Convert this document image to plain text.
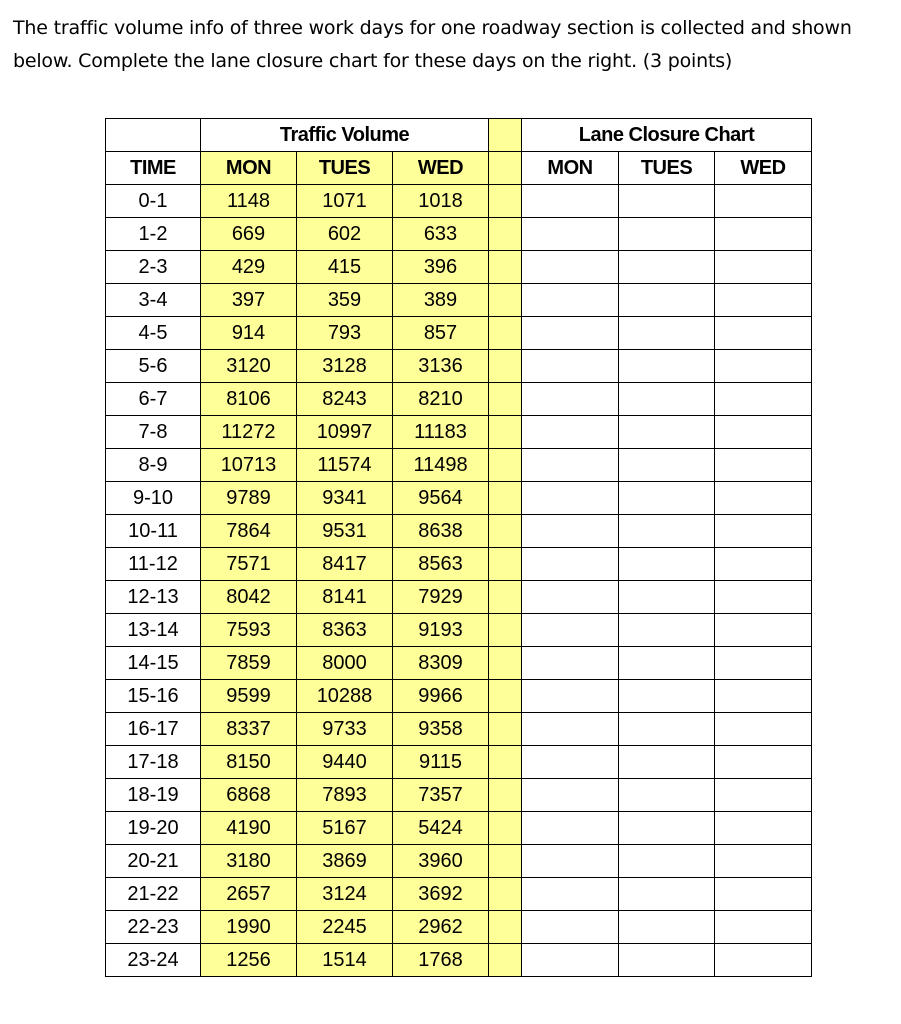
The traffic volume info of three work days for one roadway section is collected and shown
below. Complete the lane closure chart for these days on the right. (3 points)

	Traffic Volume				Lane Closure Chart		
TIME	MON	TUES	WED		MON	TUES	WED
0-1	1148	1071	1018				
1-2	669	602	633				
2-3	429	415	396				
3-4	397	359	389				
4-5	914	793	857				
5-6	3120	3128	3136				
6-7	8106	8243	8210				
7-8	11272	10997	11183				
8-9	10713	11574	11498				
9-10	9789	9341	9564				
10-11	7864	9531	8638				
11-12	7571	8417	8563				
12-13	8042	8141	7929				
13-14	7593	8363	9193				
14-15	7859	8000	8309				
15-16	9599	10288	9966				
16-17	8337	9733	9358				
17-18	8150	9440	9115				
18-19	6868	7893	7357				
19-20	4190	5167	5424				
20-21	3180	3869	3960				
21-22	2657	3124	3692				
22-23	1990	2245	2962				
23-24	1256	1514	1768				
